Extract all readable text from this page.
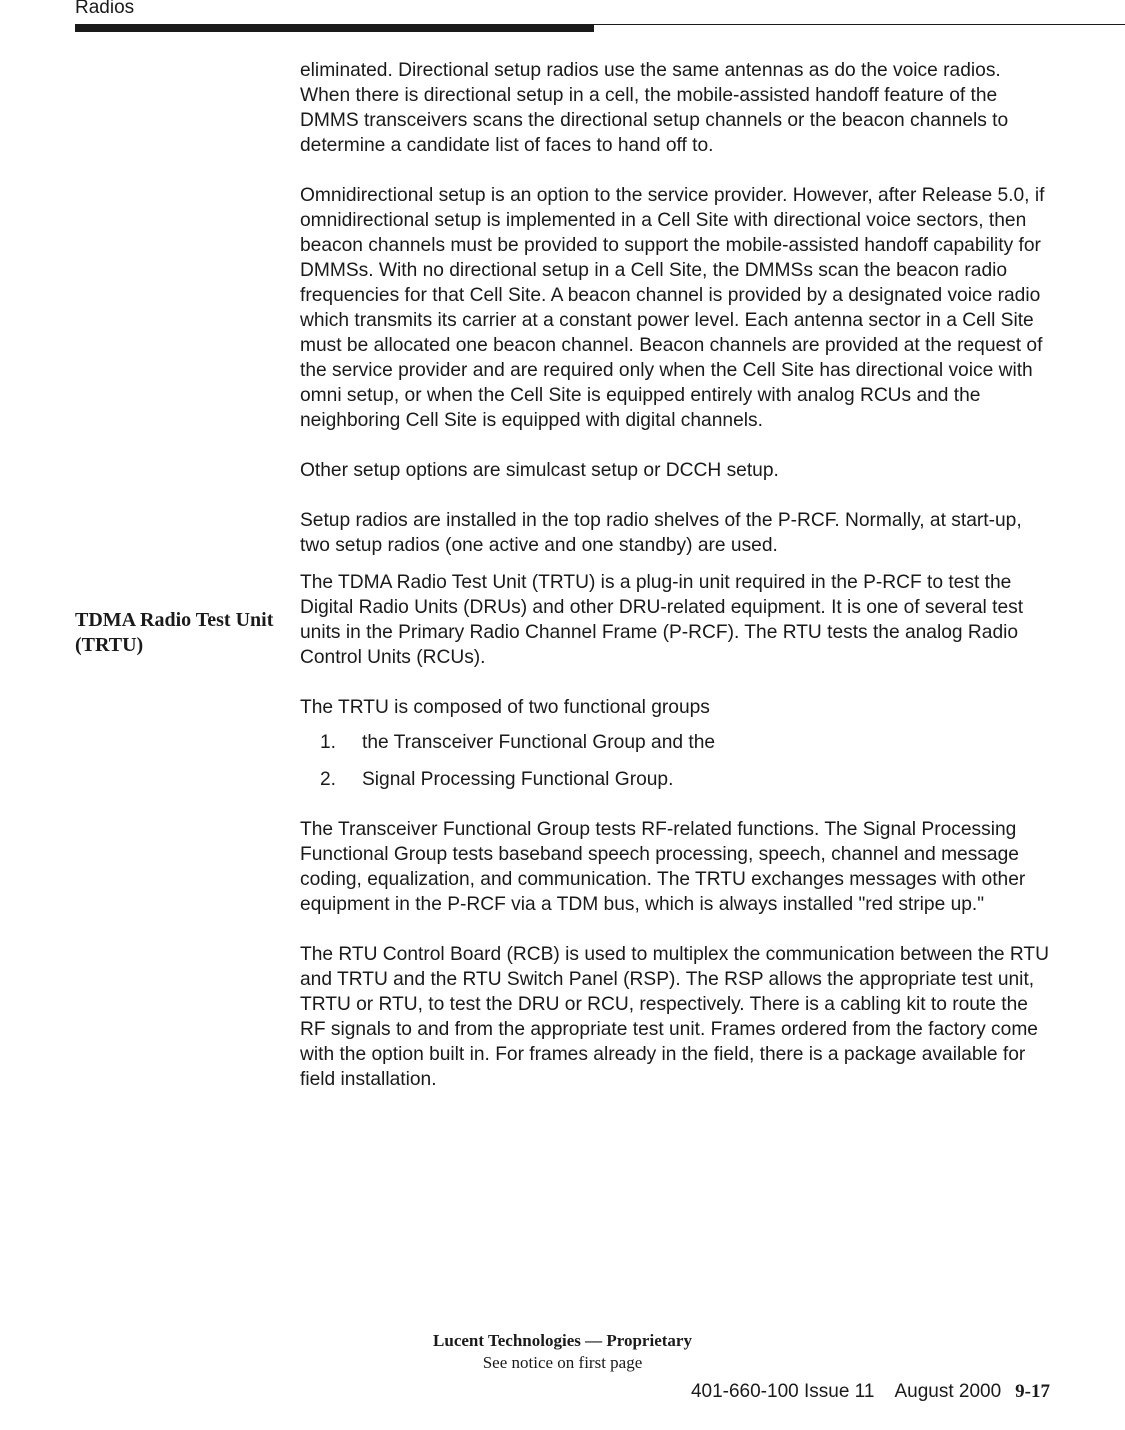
Radios

eliminated. Directional setup radios use the same antennas as do the voice radios. When there is directional setup in a cell, the mobile-assisted handoff feature of the DMMS transceivers scans the directional setup channels or the beacon channels to determine a candidate list of faces to hand off to.

Omnidirectional setup is an option to the service provider. However, after Release 5.0, if omnidirectional setup is implemented in a Cell Site with directional voice sectors, then beacon channels must be provided to support the mobile-assisted handoff capability for DMMSs. With no directional setup in a Cell Site, the DMMSs scan the beacon radio frequencies for that Cell Site. A beacon channel is provided by a designated voice radio which transmits its carrier at a constant power level. Each antenna sector in a Cell Site must be allocated one beacon channel. Beacon channels are provided at the request of the service provider and are required only when the Cell Site has directional voice with omni setup, or when the Cell Site is equipped entirely with analog RCUs and the neighboring Cell Site is equipped with digital channels.

Other setup options are simulcast setup or DCCH setup.

Setup radios are installed in the top radio shelves of the P-RCF. Normally, at start-up, two setup radios (one active and one standby) are used.

The TDMA Radio Test Unit (TRTU) is a plug-in unit required in the P-RCF to test the Digital Radio Units (DRUs) and other DRU-related equipment. It is one of several test units in the Primary Radio Channel Frame (P-RCF). The RTU tests the analog Radio Control Units (RCUs).

The TRTU is composed of two functional groups

1. the Transceiver Functional Group and the
2. Signal Processing Functional Group.

The Transceiver Functional Group tests RF-related functions. The Signal Processing Functional Group tests baseband speech processing, speech, channel and message coding, equalization, and communication. The TRTU exchanges messages with other equipment in the P-RCF via a TDM bus, which is always installed "red stripe up."

The RTU Control Board (RCB) is used to multiplex the communication between the RTU and TRTU and the RTU Switch Panel (RSP). The RSP allows the appropriate test unit, TRTU or RTU, to test the DRU or RCU, respectively. There is a cabling kit to route the RF signals to and from the appropriate test unit. Frames ordered from the factory come with the option built in. For frames already in the field, there is a package available for field installation.

TDMA Radio Test Unit (TRTU)
Lucent Technologies — Proprietary
See notice on first page
401-660-100 Issue 11    August 2000 9-17
